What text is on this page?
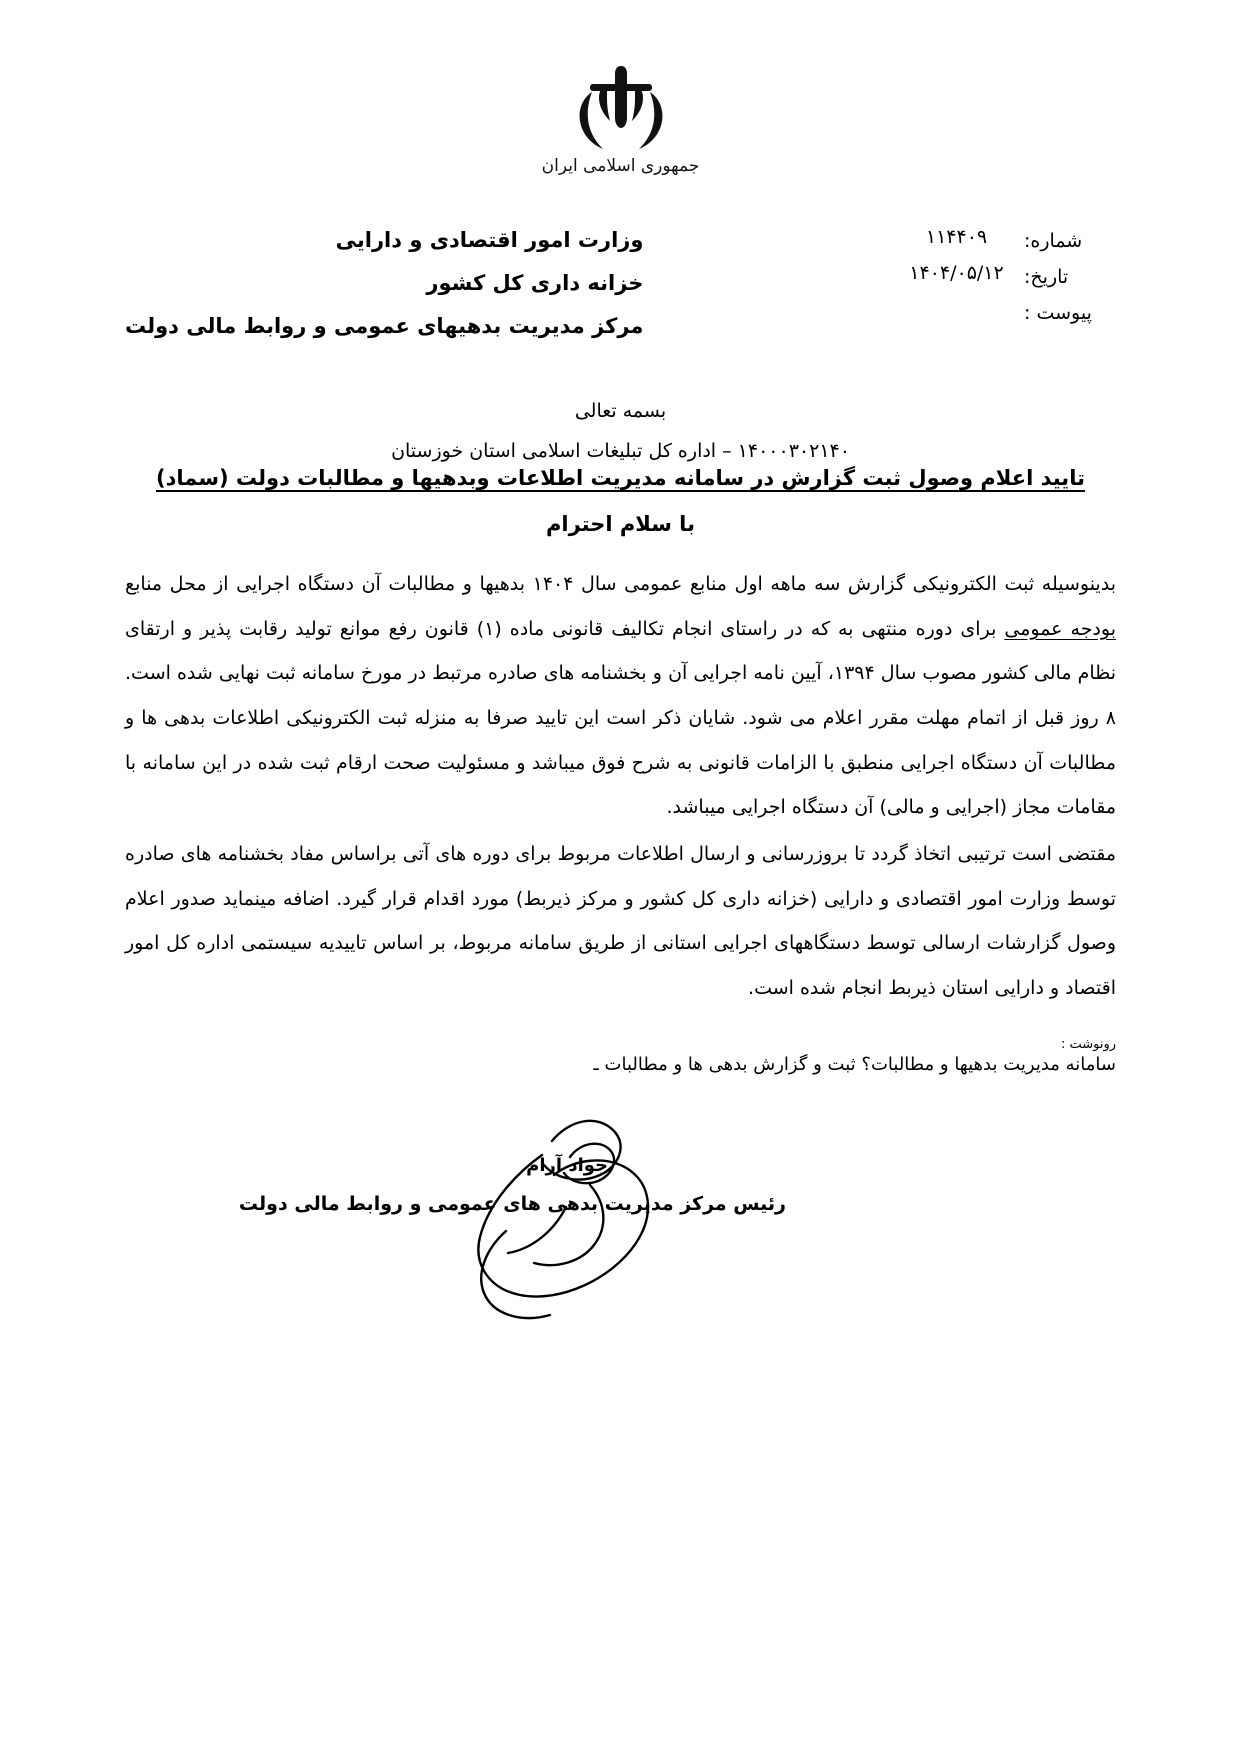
جمهوری اسلامی ایران
وزارت امور اقتصادی و دارایی
خزانه داری کل کشور
مرکز مدیریت بدهیهای عمومی و روابط مالی دولت
شماره:
۱۱۴۴۰۹
تاریخ:
۱۴۰۴/۰۵/۱۲
پیوست :
بسمه تعالی
۱۴۰۰۰۳۰۲۱۴۰ – اداره کل تبلیغات اسلامی استان خوزستان
تایید اعلام وصول ثبت گزارش در سامانه مدیریت اطلاعات وبدهیها و مطالبات دولت (سماد)
با سلام احترام

بدینوسیله ثبت الکترونیکی گزارش سه ماهه اول منابع عمومی سال ۱۴۰۴ بدهیها و مطالبات آن دستگاه اجرایی از محل منابع بودجه عمومی برای دوره منتهی به که در راستای انجام تکالیف قانونی ماده (۱) قانون رفع موانع تولید رقابت پذیر و ارتقای نظام مالی کشور مصوب سال ۱۳۹۴، آیین نامه اجرایی آن و بخشنامه های صادره مرتبط در مورخ سامانه ثبت نهایی شده است. ۸ روز قبل از اتمام مهلت مقرر اعلام می شود. شایان ذکر است این تایید صرفا به منزله ثبت الکترونیکی اطلاعات بدهی ها و مطالبات آن دستگاه اجرایی منطبق با الزامات قانونی به شرح فوق میباشد و مسئولیت صحت ارقام ثبت شده در این سامانه با مقامات مجاز (اجرایی و مالی) آن دستگاه اجرایی میباشد.

مقتضی است ترتیبی اتخاذ گردد تا بروزرسانی و ارسال اطلاعات مربوط برای دوره های آتی براساس مفاد بخشنامه های صادره توسط وزارت امور اقتصادی و دارایی (خزانه داری کل کشور و مرکز ذیربط) مورد اقدام قرار گیرد. اضافه مینماید صدور اعلام وصول گزارشات ارسالی توسط دستگاههای اجرایی استانی از طریق سامانه مربوط، بر اساس تاییدیه سیستمی اداره کل امور اقتصاد و دارایی استان ذیربط انجام شده است.

رونوشت :
سامانه مدیریت بدهیها و مطالبات؟ ثبت و گزارش بدهی ها و مطالبات ـ
جواد آرام
رئیس مرکز مدیریت بدهی های عمومی و روابط مالی دولت
